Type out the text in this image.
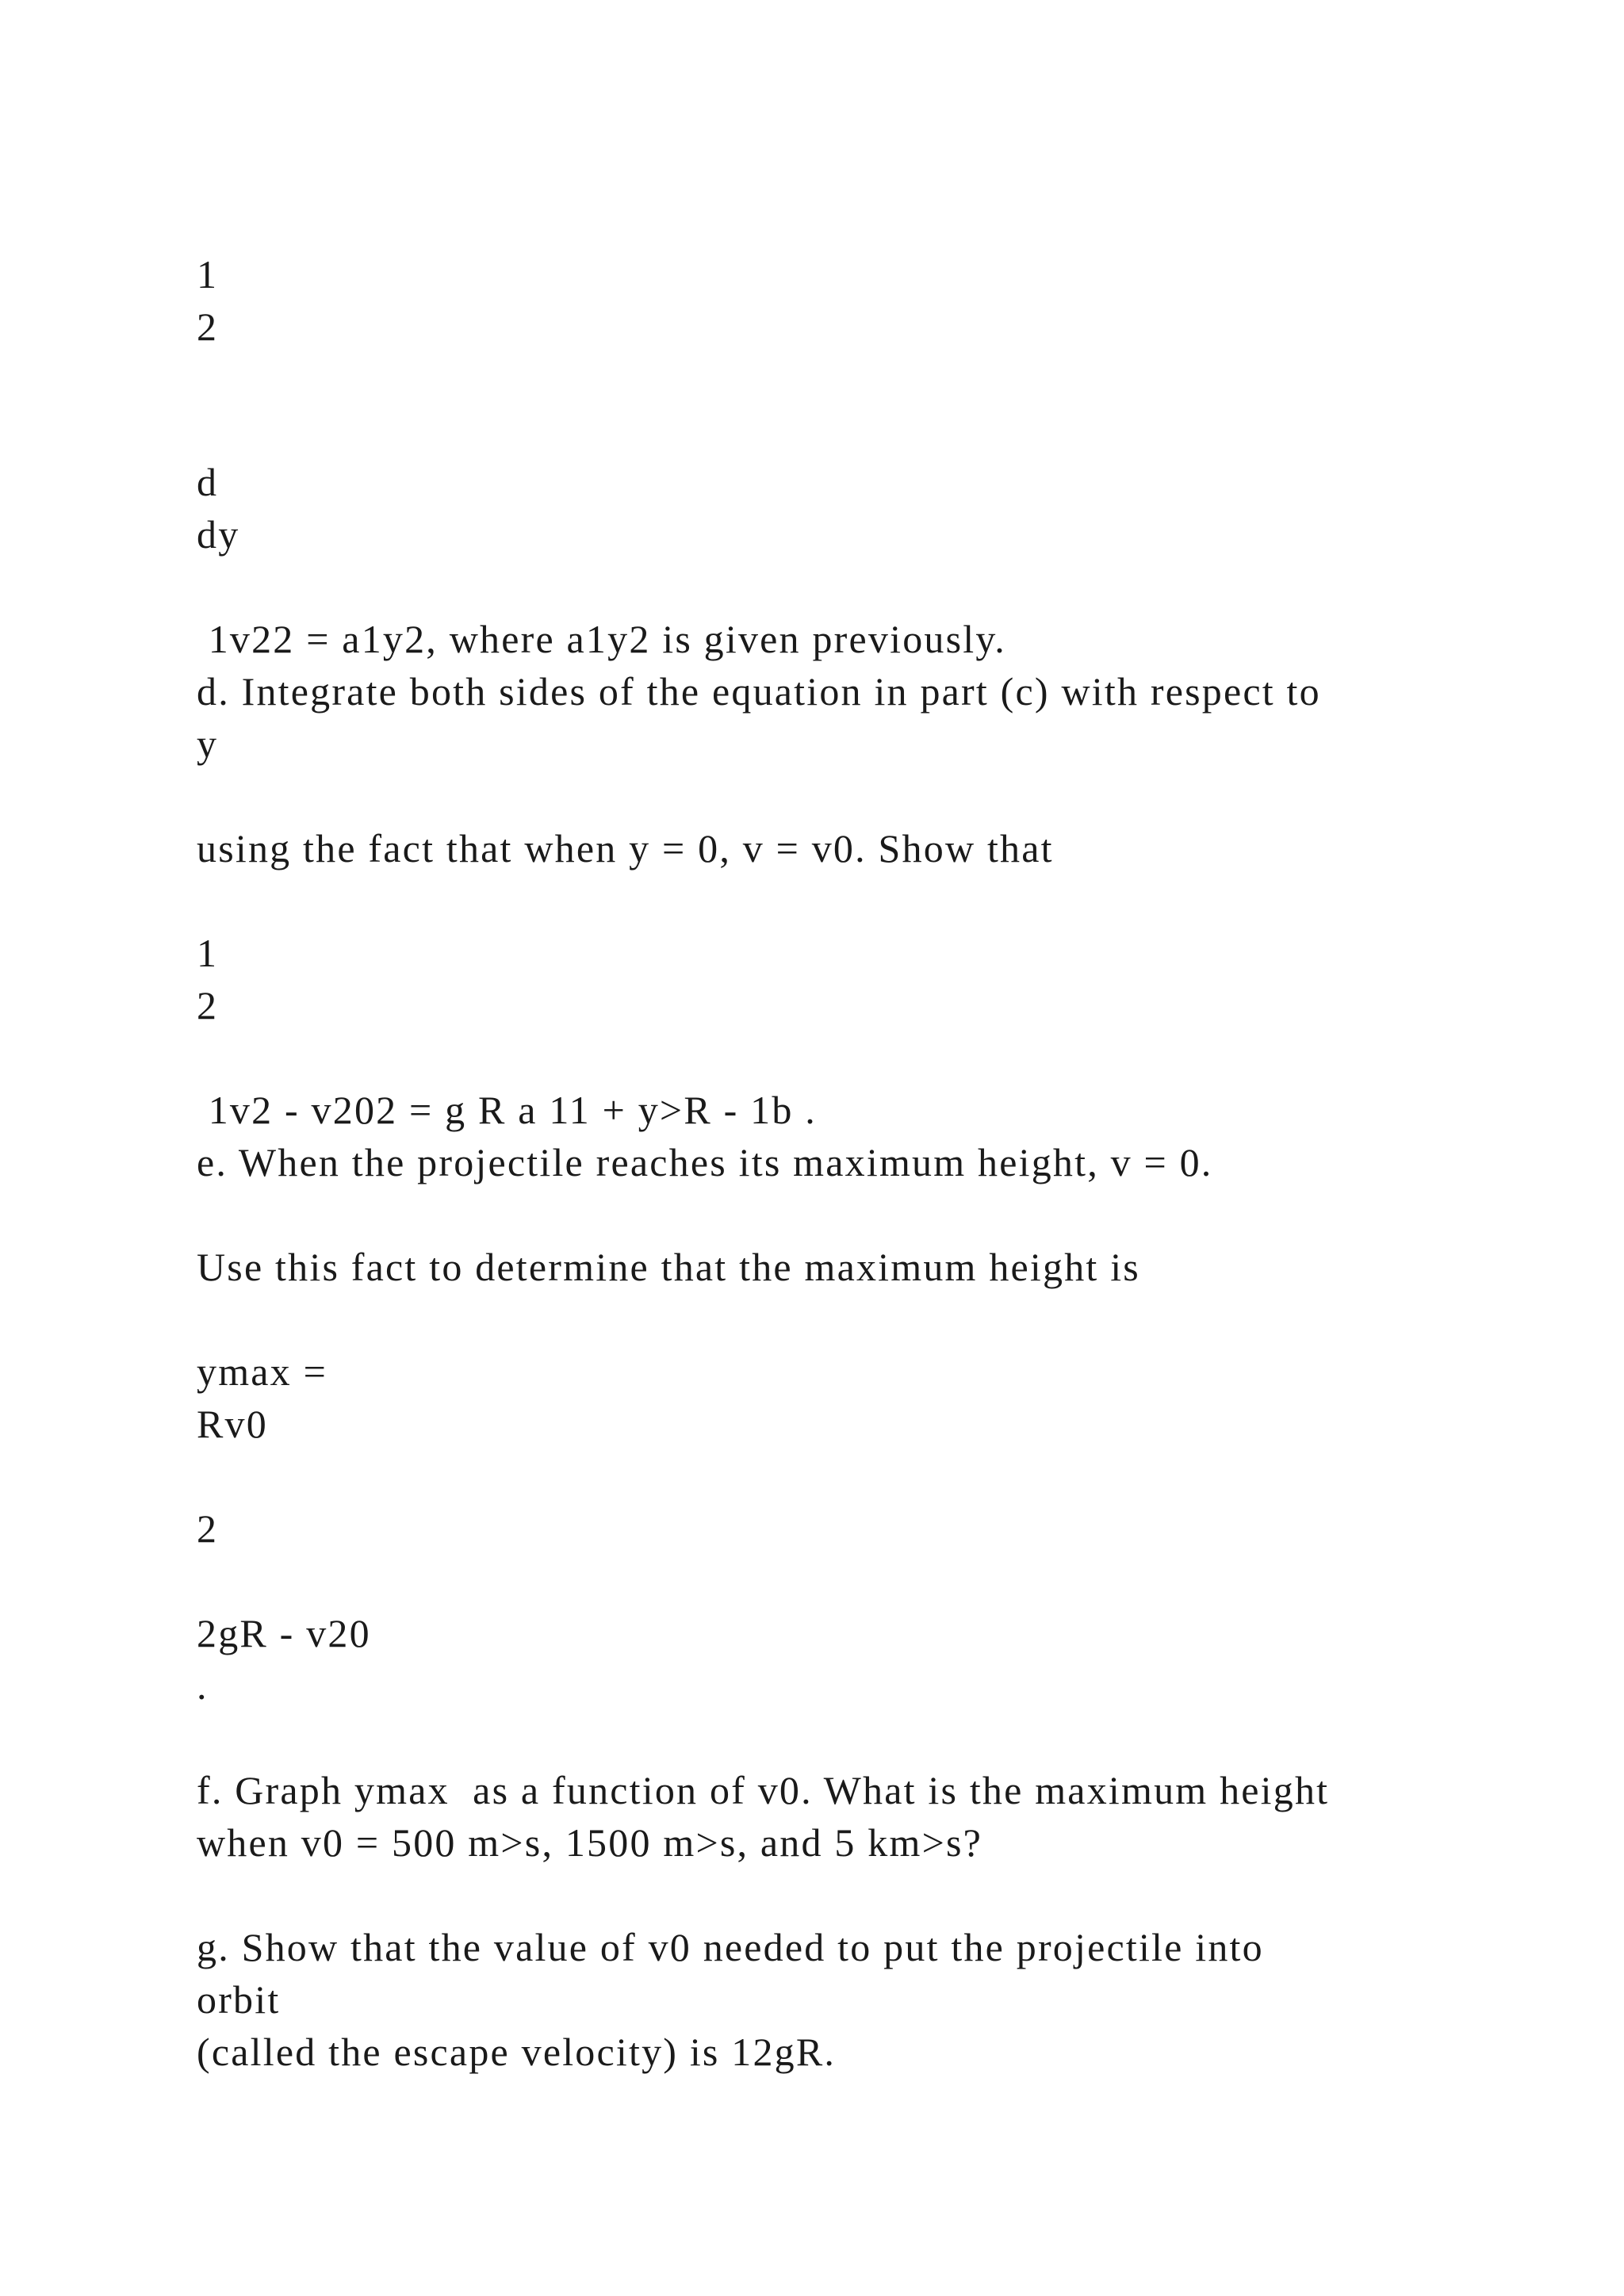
1

2

d

dy

1v22 = a1y2, where a1y2 is given previously.

d. Integrate both sides of the equation in part (c) with respect to

y

using the fact that when y = 0, v = v0. Show that

1

2

1v2 - v202 = g R a 11 + y>R - 1b .

e. When the projectile reaches its maximum height, v = 0.

Use this fact to determine that the maximum height is

ymax =

Rv0

2

2gR - v20

.

f. Graph ymax  as a function of v0. What is the maximum height

when v0 = 500 m>s, 1500 m>s, and 5 km>s?

g. Show that the value of v0 needed to put the projectile into

orbit

(called the escape velocity) is 12gR.
